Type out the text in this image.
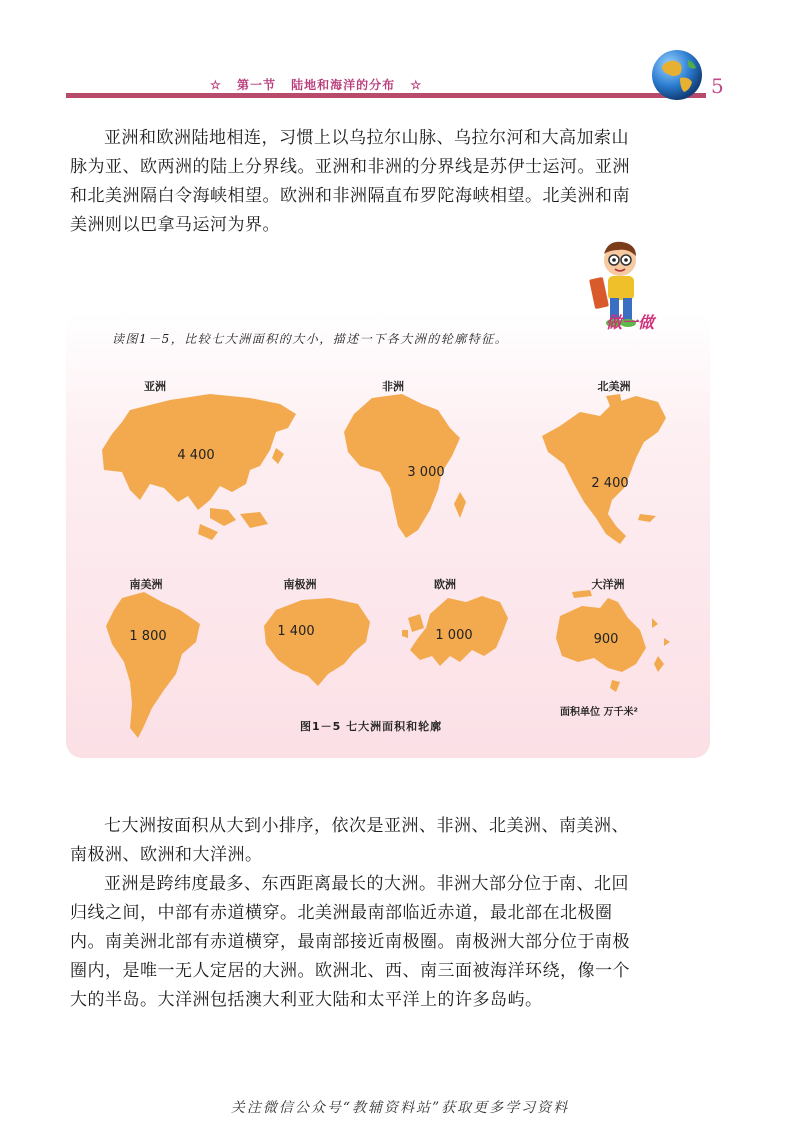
☆ 第一节 陆地和海洋的分布 ☆	5

亚洲和欧洲陆地相连，习惯上以乌拉尔山脉、乌拉尔河和大高加索山脉为亚、欧两洲的陆上分界线。亚洲和非洲的分界线是苏伊士运河。亚洲和北美洲隔白令海峡相望。欧洲和非洲隔直布罗陀海峡相望。北美洲和南美洲则以巴拿马运河为界。

做一做
读图1－5，比较七大洲面积的大小，描述一下各大洲的轮廓特征。
亚洲	非洲	北美洲
南美洲	南极洲	欧洲	大洋洲
4 400
3 000
2 400
1 800	1 400	1 000	900
面积单位 万千米²
图1－5 七大洲面积和轮廓

七大洲按面积从大到小排序，依次是亚洲、非洲、北美洲、南美洲、南极洲、欧洲和大洋洲。

亚洲是跨纬度最多、东西距离最长的大洲。非洲大部分位于南、北回归线之间，中部有赤道横穿。北美洲最南部临近赤道，最北部在北极圈内。南美洲北部有赤道横穿，最南部接近南极圈。南极洲大部分位于南极圈内，是唯一无人定居的大洲。欧洲北、西、南三面被海洋环绕，像一个大的半岛。大洋洲包括澳大利亚大陆和太平洋上的许多岛屿。

关注微信公众号“教辅资料站”获取更多学习资料
